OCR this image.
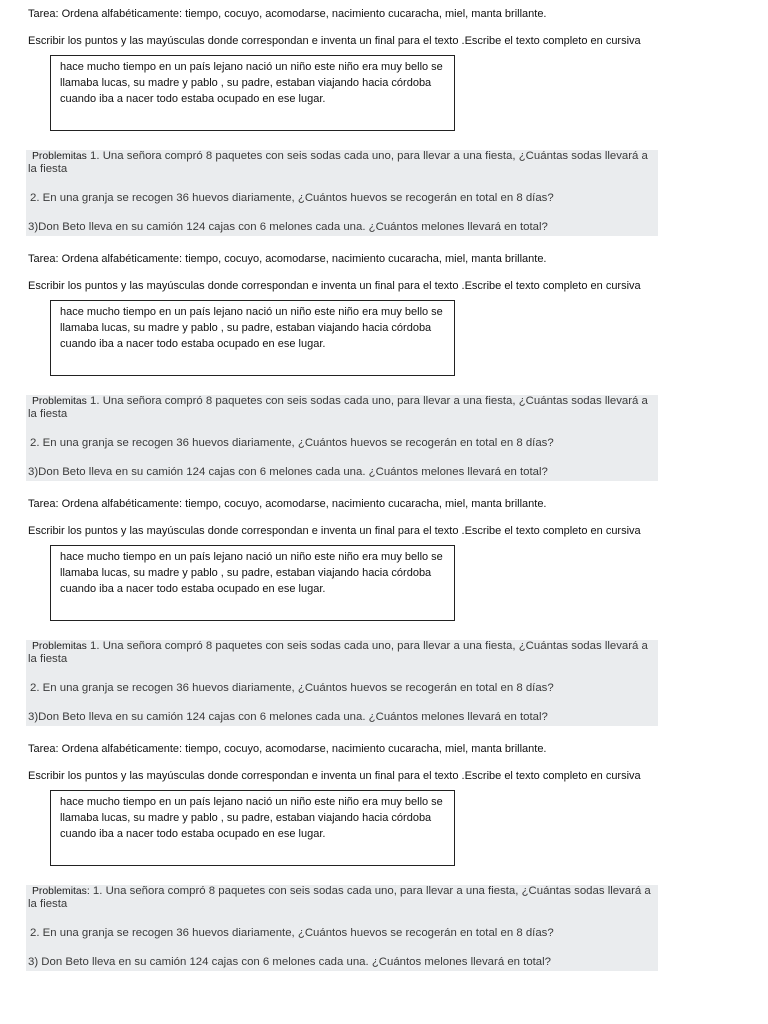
Tarea: Ordena alfabéticamente: tiempo, cocuyo, acomodarse, nacimiento cucaracha, miel, manta brillante.
Escribir los puntos y las mayúsculas donde correspondan e inventa un final para el texto .Escribe el texto completo en cursiva

hace mucho tiempo en un país lejano nació un niño este niño era muy bello se

llamaba lucas, su madre y pablo , su padre, estaban viajando hacia córdoba

cuando iba a nacer todo estaba ocupado en ese lugar.

Problemitas 1. Una señora compró 8 paquetes con seis sodas cada uno, para llevar a una fiesta, ¿Cuántas sodas llevará a la fiesta
2. En una granja se recogen 36 huevos diariamente, ¿Cuántos huevos se recogerán en total en 8 días?
3)Don Beto lleva en su camión 124 cajas con 6 melones cada una. ¿Cuántos melones llevará en total?
Tarea: Ordena alfabéticamente: tiempo, cocuyo, acomodarse, nacimiento cucaracha, miel, manta brillante.
Escribir los puntos y las mayúsculas donde correspondan e inventa un final para el texto .Escribe el texto completo en cursiva

hace mucho tiempo en un país lejano nació un niño este niño era muy bello se

llamaba lucas, su madre y pablo , su padre, estaban viajando hacia córdoba

cuando iba a nacer todo estaba ocupado en ese lugar.

Problemitas 1. Una señora compró 8 paquetes con seis sodas cada uno, para llevar a una fiesta, ¿Cuántas sodas llevará a la fiesta
2. En una granja se recogen 36 huevos diariamente, ¿Cuántos huevos se recogerán en total en 8 días?
3)Don Beto lleva en su camión 124 cajas con 6 melones cada una. ¿Cuántos melones llevará en total?
Tarea: Ordena alfabéticamente: tiempo, cocuyo, acomodarse, nacimiento cucaracha, miel, manta brillante.
Escribir los puntos y las mayúsculas donde correspondan e inventa un final para el texto .Escribe el texto completo en cursiva

hace mucho tiempo en un país lejano nació un niño este niño era muy bello se

llamaba lucas, su madre y pablo , su padre, estaban viajando hacia córdoba

cuando iba a nacer todo estaba ocupado en ese lugar.

Problemitas 1. Una señora compró 8 paquetes con seis sodas cada uno, para llevar a una fiesta, ¿Cuántas sodas llevará a la fiesta
2. En una granja se recogen 36 huevos diariamente, ¿Cuántos huevos se recogerán en total en 8 días?
3)Don Beto lleva en su camión 124 cajas con 6 melones cada una. ¿Cuántos melones llevará en total?
Tarea: Ordena alfabéticamente: tiempo, cocuyo, acomodarse, nacimiento cucaracha, miel, manta brillante.
Escribir los puntos y las mayúsculas donde correspondan e inventa un final para el texto .Escribe el texto completo en cursiva

hace mucho tiempo en un país lejano nació un niño este niño era muy bello se

llamaba lucas, su madre y pablo , su padre, estaban viajando hacia córdoba

cuando iba a nacer todo estaba ocupado en ese lugar.

Problemitas: 1. Una señora compró 8 paquetes con seis sodas cada uno, para llevar a una fiesta, ¿Cuántas sodas llevará a la fiesta
2. En una granja se recogen 36 huevos diariamente, ¿Cuántos huevos se recogerán en total en 8 días?
3) Don Beto lleva en su camión 124 cajas con 6 melones cada una. ¿Cuántos melones llevará en total?
